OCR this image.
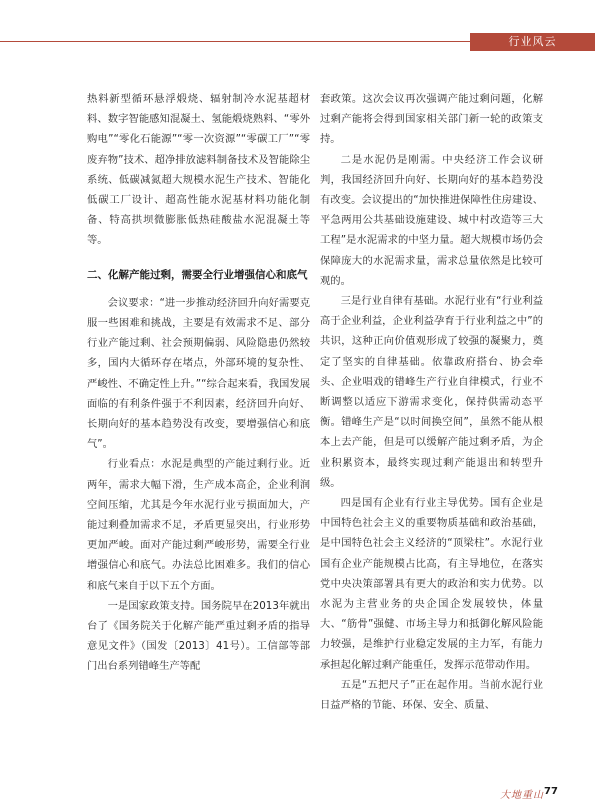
行业风云

热料新型循环悬浮煅烧、辐射制冷水泥基超材料、数字智能感知混凝土、氢能煅烧熟料、“零外购电”“零化石能源”“零一次资源”“零碳工厂”“零废弃物”技术、超净排放滤料制备技术及智能除尘系统、低碳减氮超大规模水泥生产技术、智能化低碳工厂设计、超高性能水泥基材料功能化制备、特高拱坝微膨胀低热硅酸盐水泥混凝土等等。

二、化解产能过剩，需要全行业增强信心和底气

会议要求：“进一步推动经济回升向好需要克服一些困难和挑战，主要是有效需求不足、部分行业产能过剩、社会预期偏弱、风险隐患仍然较多，国内大循环存在堵点，外部环境的复杂性、严峻性、不确定性上升。”“综合起来看，我国发展面临的有利条件强于不利因素，经济回升向好、长期向好的基本趋势没有改变，要增强信心和底气”。

行业看点：水泥是典型的产能过剩行业。近两年，需求大幅下滑，生产成本高企，企业利润空间压缩，尤其是今年水泥行业亏损面加大，产能过剩叠加需求不足，矛盾更显突出，行业形势更加严峻。面对产能过剩严峻形势，需要全行业增强信心和底气。办法总比困难多。我们的信心和底气来自于以下五个方面。

一是国家政策支持。国务院早在2013年就出台了《国务院关于化解产能严重过剩矛盾的指导意见文件》（国发〔2013〕41号）。工信部等部门出台系列错峰生产等配

套政策。这次会议再次强调产能过剩问题，化解过剩产能将会得到国家相关部门新一轮的政策支持。

二是水泥仍是刚需。中央经济工作会议研判，我国经济回升向好、长期向好的基本趋势没有改变。会议提出的“加快推进保障性住房建设、平急两用公共基础设施建设、城中村改造等三大工程”是水泥需求的中坚力量。超大规模市场仍会保障庞大的水泥需求量，需求总量依然是比较可观的。

三是行业自律有基础。水泥行业有“行业利益高于企业利益，企业利益孕育于行业利益之中”的共识，这种正向价值观形成了较强的凝聚力，奠定了坚实的自律基础。依靠政府搭台、协会牵头、企业唱戏的错峰生产行业自律模式，行业不断调整以适应下游需求变化，保持供需动态平衡。错峰生产是“以时间换空间”，虽然不能从根本上去产能，但是可以缓解产能过剩矛盾，为企业积累资本，最终实现过剩产能退出和转型升级。

四是国有企业有行业主导优势。国有企业是中国特色社会主义的重要物质基础和政治基础，是中国特色社会主义经济的“顶梁柱”。水泥行业国有企业产能规模占比高，有主导地位，在落实党中央决策部署具有更大的政治和实力优势。以水泥为主营业务的央企国企发展较快，体量大、“筋骨”强健、市场主导力和抵御化解风险能力较强，是维护行业稳定发展的主力军，有能力承担起化解过剩产能重任，发挥示范带动作用。

五是“五把尺子”正在起作用。当前水泥行业日益严格的节能、环保、安全、质量、

大地重山 77
